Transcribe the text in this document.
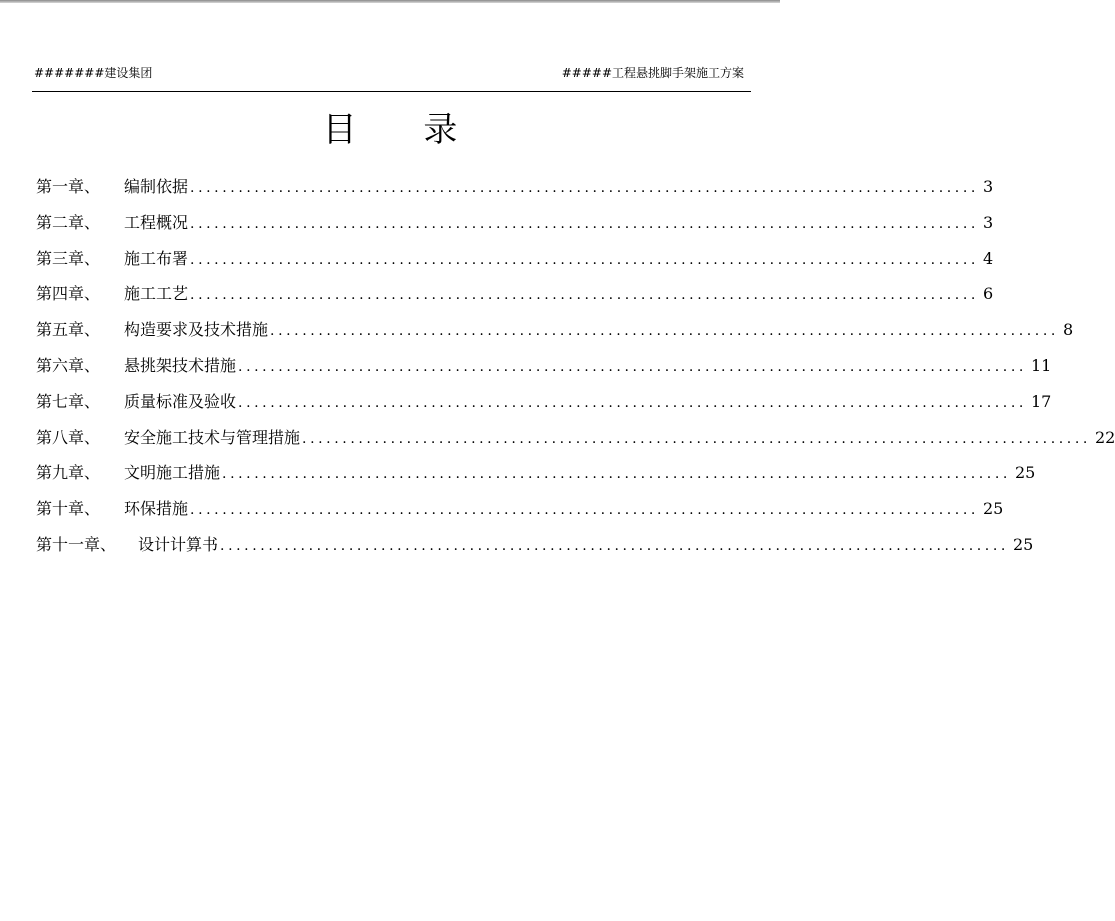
#######建设集团	#####工程悬挑脚手架施工方案
目 录
第一章、 编制依据 .................................................................................................. 3
第二章、 工程概况 .................................................................................................. 3
第三章、 施工布署 .................................................................................................. 4
第四章、 施工工艺 .................................................................................................. 6
第五章、 构造要求及技术措施 .................................................................................................. 8
第六章、 悬挑架技术措施 .................................................................................................. 11
第七章、 质量标准及验收 .................................................................................................. 17
第八章、 安全施工技术与管理措施 .................................................................................................. 22
第九章、 文明施工措施 .................................................................................................. 25
第十章、 环保措施 .................................................................................................. 25
第十一章、 设计计算书 .................................................................................................. 25
